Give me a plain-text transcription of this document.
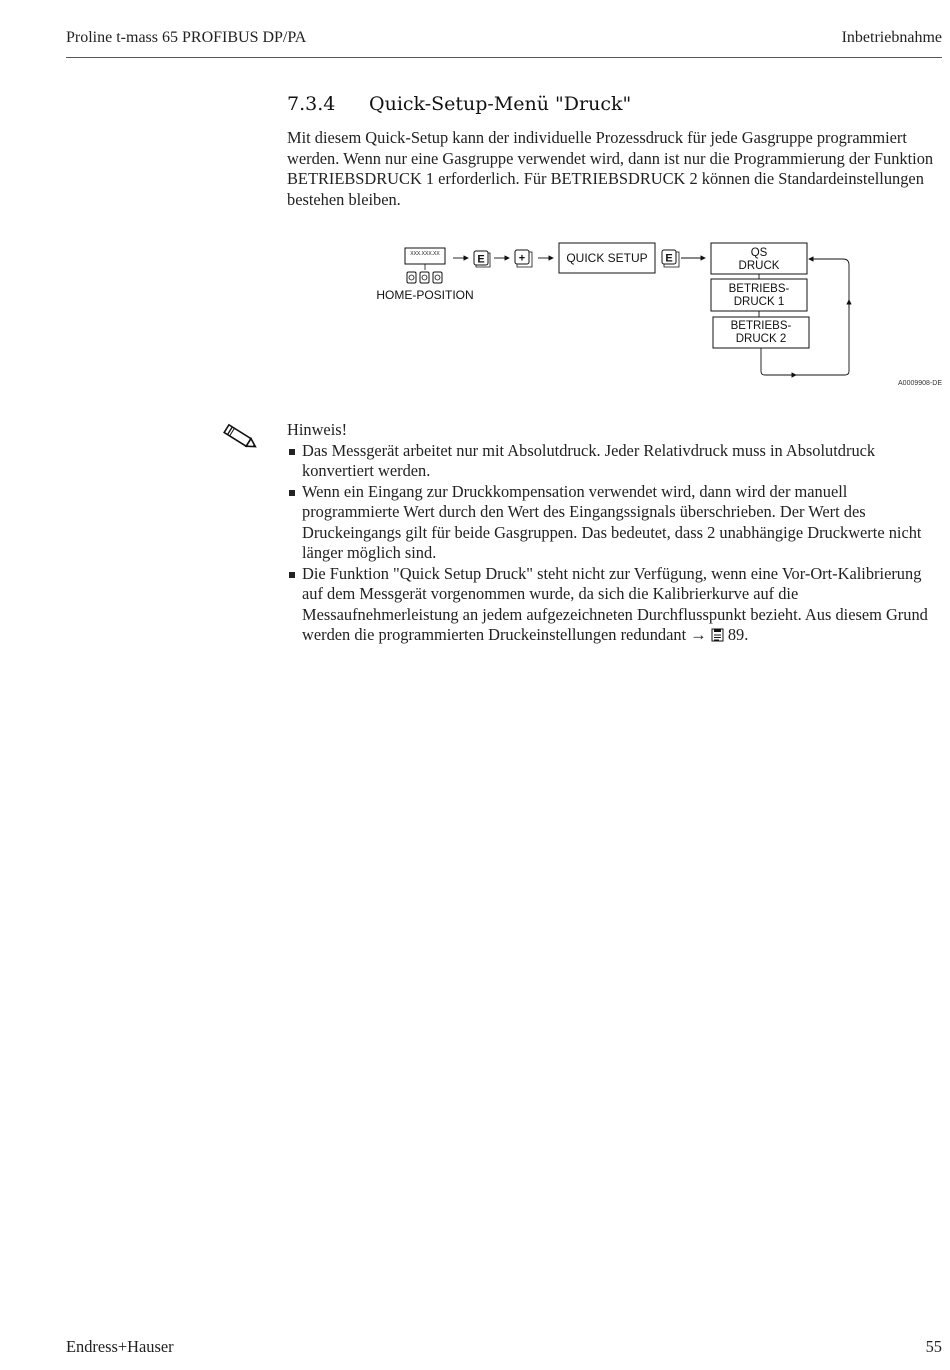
Proline t-mass 65 PROFIBUS DP/PA	Inbetriebnahme
7.3.4 Quick-Setup-Menü "Druck"
Mit diesem Quick-Setup kann der individuelle Prozessdruck für jede Gasgruppe programmiert werden. Wenn nur eine Gasgruppe verwendet wird, dann ist nur die Programmierung der Funktion BETRIEBSDRUCK 1 erforderlich. Für BETRIEBSDRUCK 2 können die Standardeinstellungen bestehen bleiben.
XXX.XXX.XX
HOME-POSITION
E	+	QUICK SETUP E	QS
DRUCK
BETRIEBS-
DRUCK 1
BETRIEBS-
DRUCK 2
A0009908-DE
Hinweis!
Das Messgerät arbeitet nur mit Absolutdruck. Jeder Relativdruck muss in Absolutdruck konvertiert werden.
Wenn ein Eingang zur Druckkompensation verwendet wird, dann wird der manuell programmierte Wert durch den Wert des Eingangssignals überschrieben. Der Wert des Druckeingangs gilt für beide Gasgruppen. Das bedeutet, dass 2 unabhängige Druckwerte nicht länger möglich sind.
Die Funktion "Quick Setup Druck" steht nicht zur Verfügung, wenn eine Vor-Ort-Kalibrierung auf dem Messgerät vorgenommen wurde, da sich die Kalibrierkurve auf die Messaufnehmerleistung an jedem aufgezeichneten Durchflusspunkt bezieht. Aus diesem Grund werden die programmierten Druckeinstellungen redundant → 89.
Endress+Hauser	55
